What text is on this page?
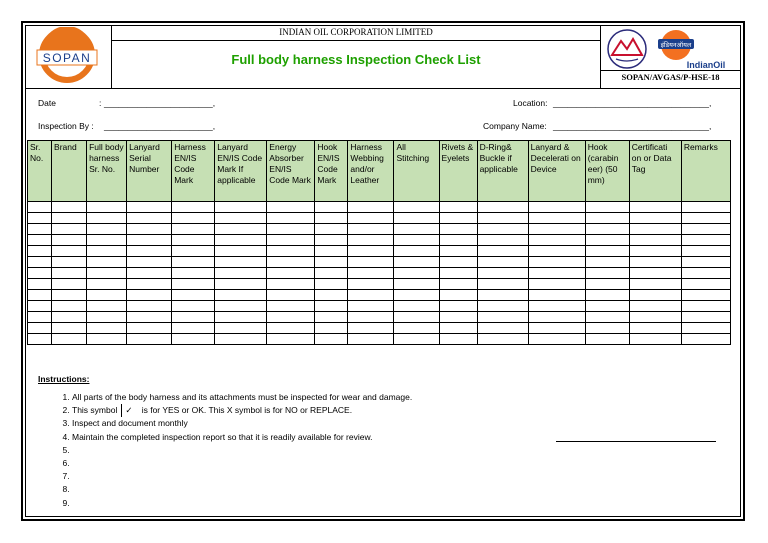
SOPAN
INDIAN OIL CORPORATION LIMITED
Full body harness Inspection Check List
इंडियनऑयल
IndianOil
SOPAN/AVGAS/P-HSE-18
Date	: _______________________,	Location: _________________________________,
Inspection By : _______________________,	Company Name: _________________________________,
Sr. No.	Brand	Full body harness Sr. No.	Lanyard Serial Number	Harness EN/IS Code Mark	Lanyard EN/IS Code Mark If applicable	Energy Absorber EN/IS Code Mark	Hook EN/IS Code Mark	Harness Webbing and/or Leather	All Stitching	Rivets & Eyelets	D-Ring& Buckle if applicable	Lanyard & Decelerati on Device	Hook (carabin eer) (50 mm)	Certificati on or Data Tag	Remarks

Instructions:
1. All parts of the body harness and its attachments must be inspected for wear and damage.
2. This symbol ✓ is for YES or OK. This X symbol is for NO or REPLACE.
3. Inspect and document monthly
4. Maintain the completed inspection report so that it is readily available for review.
5.
6.
7.
8.
9.
